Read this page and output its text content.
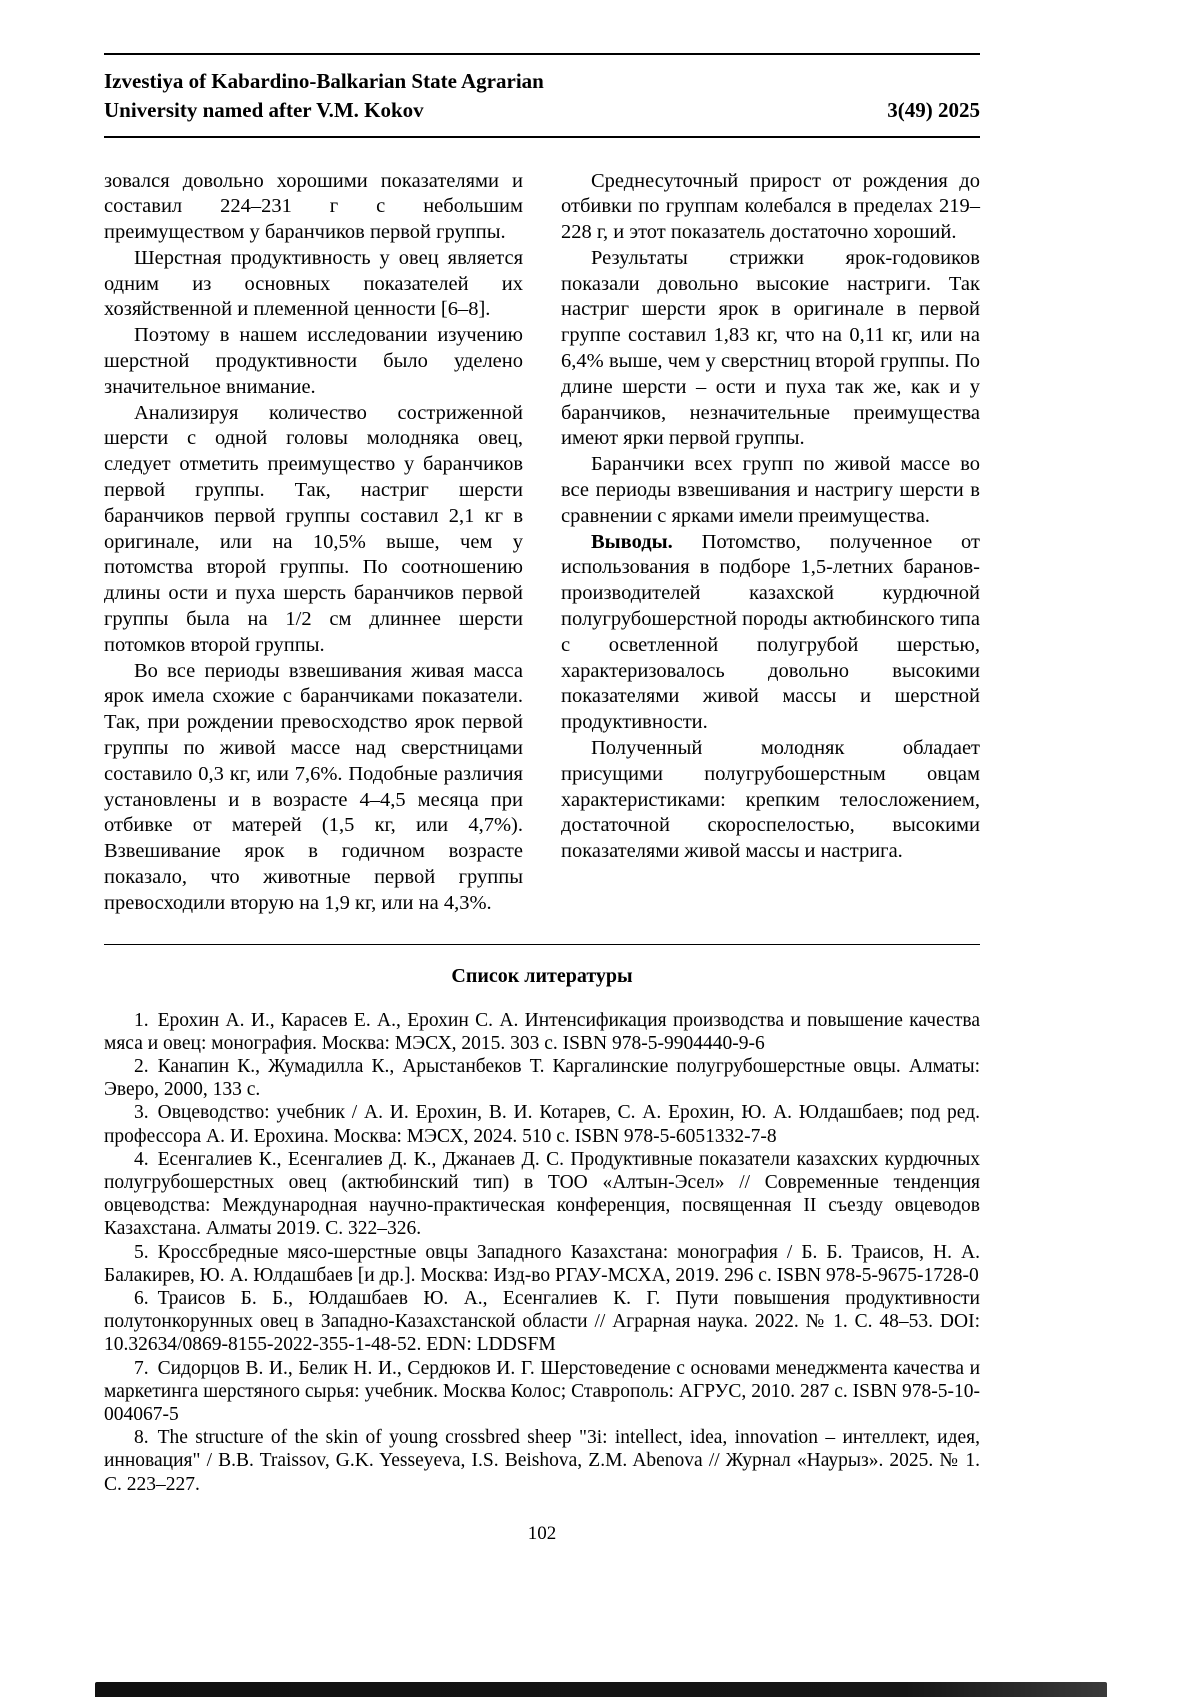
Izvestiya of Kabardino-Balkarian State Agrarian
University named after V.M. Kokov	3(49) 2025

зовался довольно хорошими показателями и составил 224–231 г с небольшим преимуществом у баранчиков первой группы.

Шерстная продуктивность у овец является одним из основных показателей их хозяйственной и племенной ценности [6–8].

Поэтому в нашем исследовании изучению шерстной продуктивности было уделено значительное внимание.

Анализируя количество состриженной шерсти с одной головы молодняка овец, следует отметить преимущество у баранчиков первой группы. Так, настриг шерсти баранчиков первой группы составил 2,1 кг в оригинале, или на 10,5% выше, чем у потомства второй группы. По соотношению длины ости и пуха шерсть баранчиков первой группы была на 1/2 см длиннее шерсти потомков второй группы.

Во все периоды взвешивания живая масса ярок имела схожие с баранчиками показатели. Так, при рождении превосходство ярок первой группы по живой массе над сверстницами составило 0,3 кг, или 7,6%. Подобные различия установлены и в возрасте 4–4,5 месяца при отбивке от матерей (1,5 кг, или 4,7%). Взвешивание ярок в годичном возрасте показало, что животные первой группы превосходили вторую на 1,9 кг, или на 4,3%.

Среднесуточный прирост от рождения до отбивки по группам колебался в пределах 219–228 г, и этот показатель достаточно хороший.

Результаты стрижки ярок-годовиков показали довольно высокие настриги. Так настриг шерсти ярок в оригинале в первой группе составил 1,83 кг, что на 0,11 кг, или на 6,4% выше, чем у сверстниц второй группы. По длине шерсти – ости и пуха так же, как и у баранчиков, незначительные преимущества имеют ярки первой группы.

Баранчики всех групп по живой массе во все периоды взвешивания и настригу шерсти в сравнении с ярками имели преимущества.

Выводы. Потомство, полученное от использования в подборе 1,5-летних баранов-производителей казахской курдючной полугрубошерстной породы актюбинского типа с осветленной полугрубой шерстью, характеризовалось довольно высокими показателями живой массы и шерстной продуктивности.

Полученный молодняк обладает присущими полугрубошерстным овцам характеристиками: крепким телосложением, достаточной скороспелостью, высокими показателями живой массы и настрига.

Список литературы

1. Ерохин А. И., Карасев Е. А., Ерохин С. А. Интенсификация производства и повышение качества мяса и овец: монография. Москва: МЭСХ, 2015. 303 с. ISBN 978-5-9904440-9-6

2. Канапин К., Жумадилла К., Арыстанбеков Т. Каргалинские полугрубошерстные овцы. Алматы: Эверо, 2000, 133 с.

3. Овцеводство: учебник / А. И. Ерохин, В. И. Котарев, С. А. Ерохин, Ю. А. Юлдашбаев; под ред. профессора А. И. Ерохина. Москва: МЭСХ, 2024. 510 с. ISBN 978-5-6051332-7-8

4. Есенгалиев К., Есенгалиев Д. К., Джанаев Д. С. Продуктивные показатели казахских курдючных полугрубошерстных овец (актюбинский тип) в ТОО «Алтын-Эсел» // Современные тенденция овцеводства: Международная научно-практическая конференция, посвященная II съезду овцеводов Казахстана. Алматы 2019. С. 322–326.

5. Кроссбредные мясо-шерстные овцы Западного Казахстана: монография / Б. Б. Траисов, Н. А. Балакирев, Ю. А. Юлдашбаев [и др.]. Москва: Изд-во РГАУ-МСХА, 2019. 296 с. ISBN 978-5-9675-1728-0

6. Траисов Б. Б., Юлдашбаев Ю. А., Есенгалиев К. Г. Пути повышения продуктивности полутонкорунных овец в Западно-Казахстанской области // Аграрная наука. 2022. № 1. С. 48–53. DOI: 10.32634/0869-8155-2022-355-1-48-52. EDN: LDDSFM

7. Сидорцов В. И., Белик Н. И., Сердюков И. Г. Шерстоведение с основами менеджмента качества и маркетинга шерстяного сырья: учебник. Москва Колос; Ставрополь: АГРУС, 2010. 287 с. ISBN 978-5-10-004067-5

8. The structure of the skin of young crossbred sheep "3i: intellect, idea, innovation – интеллект, идея, инновация" / B.B. Traissov, G.K. Yesseyeva, I.S. Beishova, Z.M. Abenova // Журнал «Наурыз». 2025. № 1. С. 223–227.

102
